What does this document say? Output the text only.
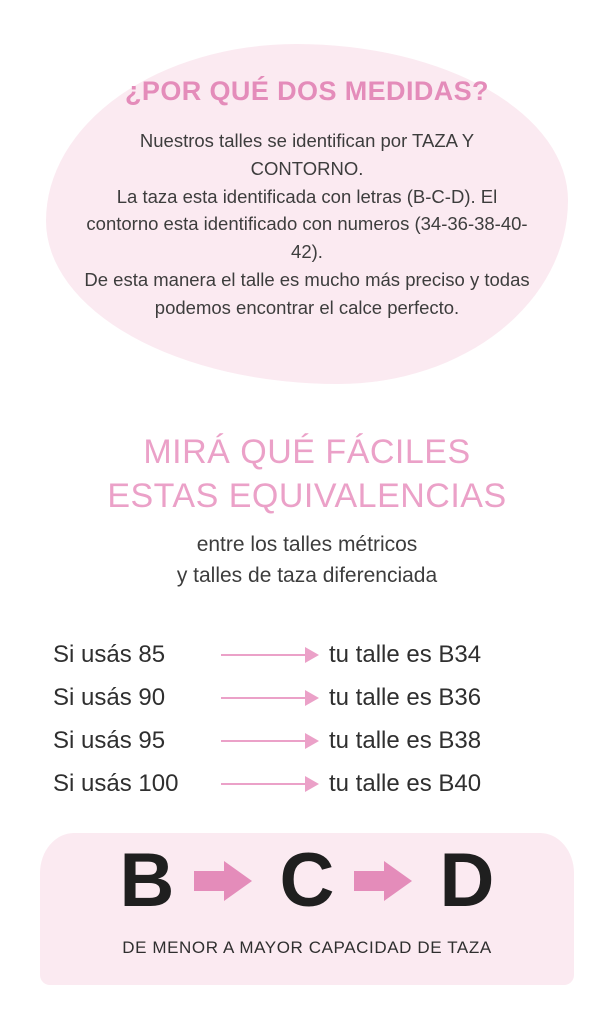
¿POR QUÉ DOS MEDIDAS?
Nuestros talles se identifican por TAZA Y CONTORNO.
La taza esta identificada con letras (B-C-D). El contorno esta identificado con numeros (34-36-38-40-42).
De esta manera el talle es mucho más preciso y todas podemos encontrar el calce perfecto.
MIRÁ QUÉ FÁCILES
ESTAS EQUIVALENCIAS
entre los talles métricos
y talles de taza diferenciada
Si usás 85	tu talle es B34
Si usás 90	tu talle es B36
Si usás 95	tu talle es B38
Si usás 100	tu talle es B40
B C D
DE MENOR A MAYOR CAPACIDAD DE TAZA
